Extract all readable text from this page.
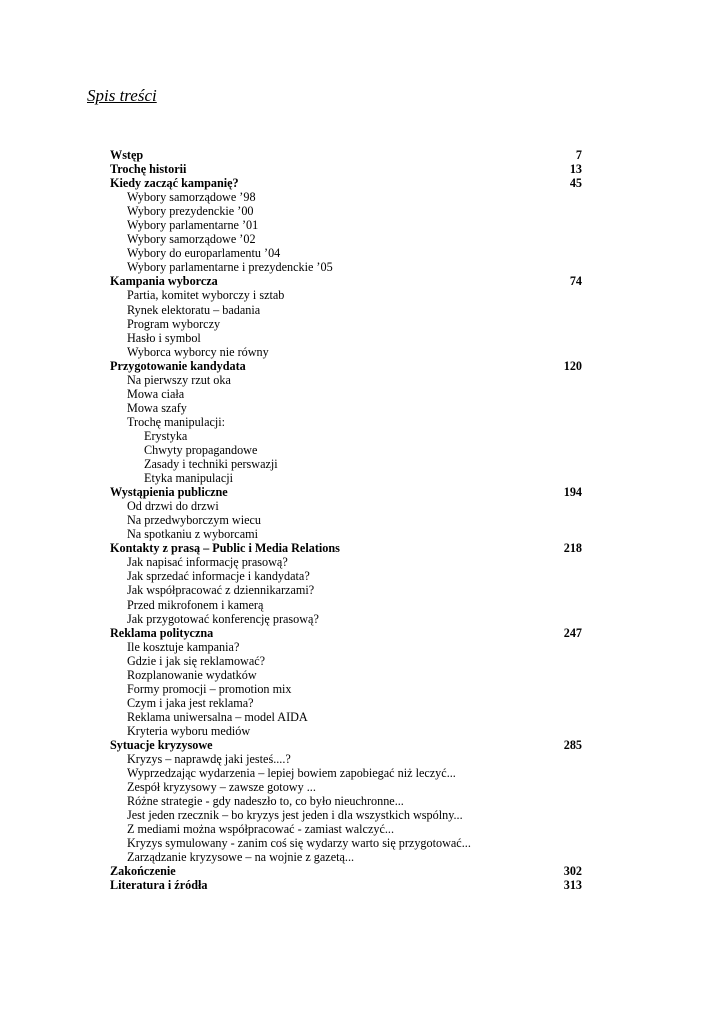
Spis treści
Wstęp	7
Trochę historii	13
Kiedy zacząć kampanię?	45
Wybory samorządowe ’98
Wybory prezydenckie ’00
Wybory parlamentarne ’01
Wybory samorządowe ’02
Wybory do europarlamentu ’04
Wybory parlamentarne i prezydenckie ’05
Kampania wyborcza	74
Partia, komitet wyborczy i sztab
Rynek elektoratu – badania
Program wyborczy
Hasło i symbol
Wyborca wyborcy nie równy
Przygotowanie kandydata	120
Na pierwszy rzut oka
Mowa ciała
Mowa szafy
Trochę manipulacji:
Erystyka
Chwyty propagandowe
Zasady i techniki perswazji
Etyka manipulacji
Wystąpienia publiczne	194
Od drzwi do drzwi
Na przedwyborczym wiecu
Na spotkaniu z wyborcami
Kontakty z prasą – Public i Media Relations	218
Jak napisać informację prasową?
Jak sprzedać informacje i kandydata?
Jak współpracować z dziennikarzami?
Przed mikrofonem i kamerą
Jak przygotować konferencję prasową?
Reklama polityczna	247
Ile kosztuje kampania?
Gdzie i jak się reklamować?
Rozplanowanie wydatków
Formy promocji – promotion mix
Czym i jaka jest reklama?
Reklama uniwersalna – model AIDA
Kryteria wyboru mediów
Sytuacje kryzysowe	285
Kryzys – naprawdę jaki jesteś....?
Wyprzedzając wydarzenia – lepiej bowiem zapobiegać niż leczyć...
Zespół kryzysowy – zawsze gotowy ...
Różne strategie - gdy nadeszło to, co było nieuchronne...
Jest jeden rzecznik – bo kryzys jest jeden i dla wszystkich wspólny...
Z mediami można współpracować - zamiast walczyć...
Kryzys symulowany - zanim coś się wydarzy warto się przygotować...
Zarządzanie kryzysowe – na wojnie z gazetą...
Zakończenie	302
Literatura i źródła	313
